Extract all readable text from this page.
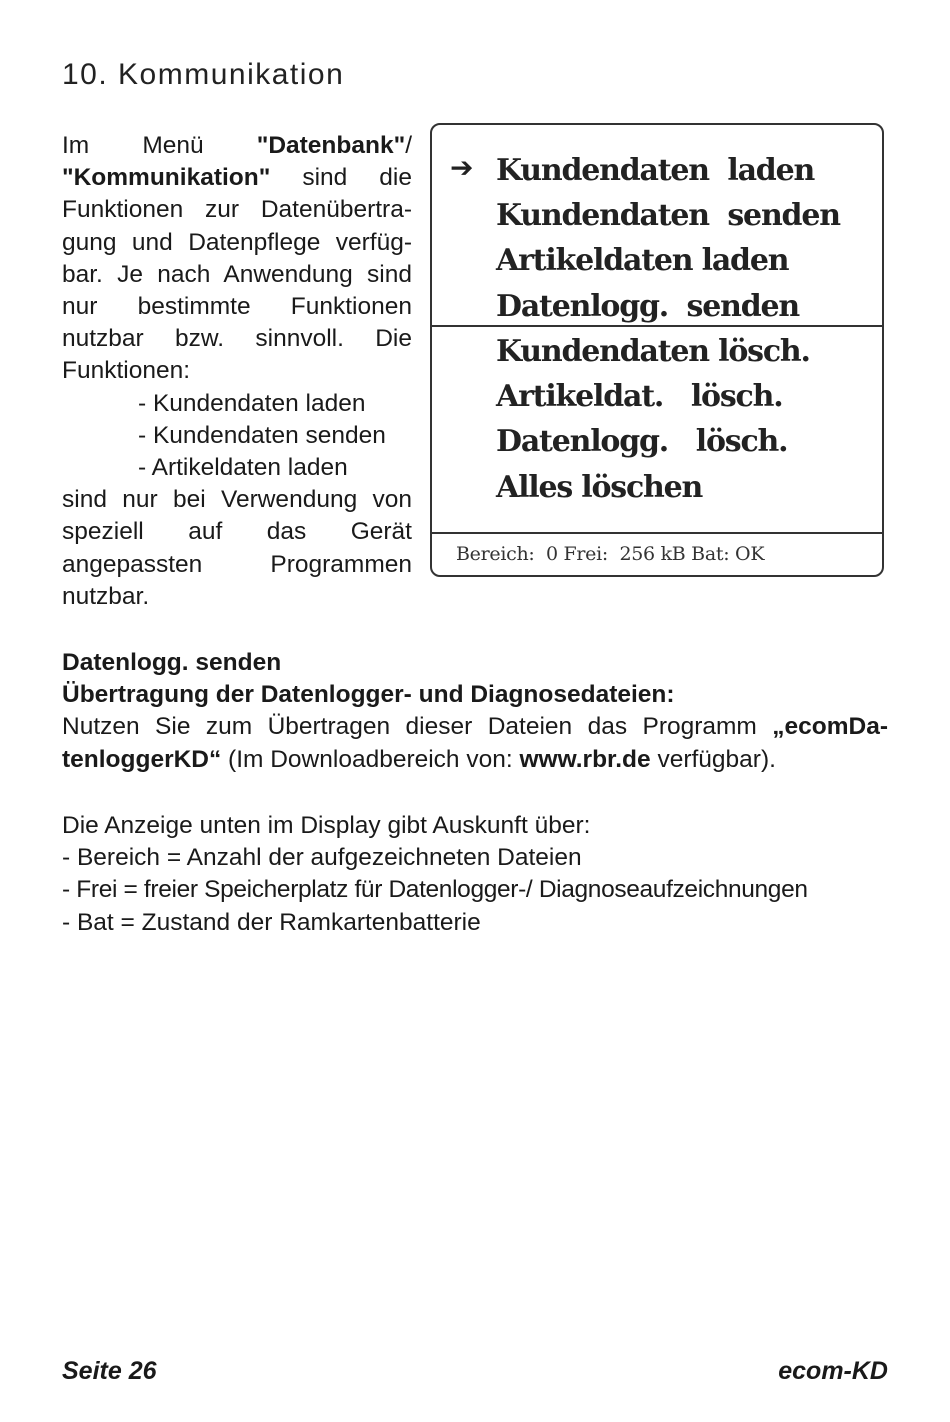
10. Kommunikation
Im Menü "Datenbank"/
"Kommunikation" sind die
Funktionen zur Datenübertra-
gung und Datenpflege verfüg-
bar. Je nach Anwendung sind
nur bestimmte Funktionen
nutzbar bzw. sinnvoll. Die
Funktionen:
- Kundendaten laden
- Kundendaten senden
- Artikeldaten laden
sind nur bei Verwendung von
speziell auf das Gerät
angepassten Programmen
nutzbar.
➔ Kundendaten  laden
Kundendaten  senden
Artikeldaten laden
Datenlogg.  senden
Kundendaten lösch.
Artikeldat.   lösch.
Datenlogg.   lösch.
Alles löschen
Bereich:  0 Frei:  256 kB Bat: OK
Datenlogg. senden
Übertragung der Datenlogger- und Diagnosedateien:
Nutzen Sie zum Übertragen dieser Dateien das Programm „ecomDa-
tenloggerKD“ (Im Downloadbereich von: www.rbr.de verfügbar).
Die Anzeige unten im Display gibt Auskunft über:
- Bereich = Anzahl der aufgezeichneten Dateien
- Frei = freier Speicherplatz für Datenlogger-/ Diagnoseaufzeichnungen
- Bat = Zustand der Ramkartenbatterie
Seite 26	ecom-KD
